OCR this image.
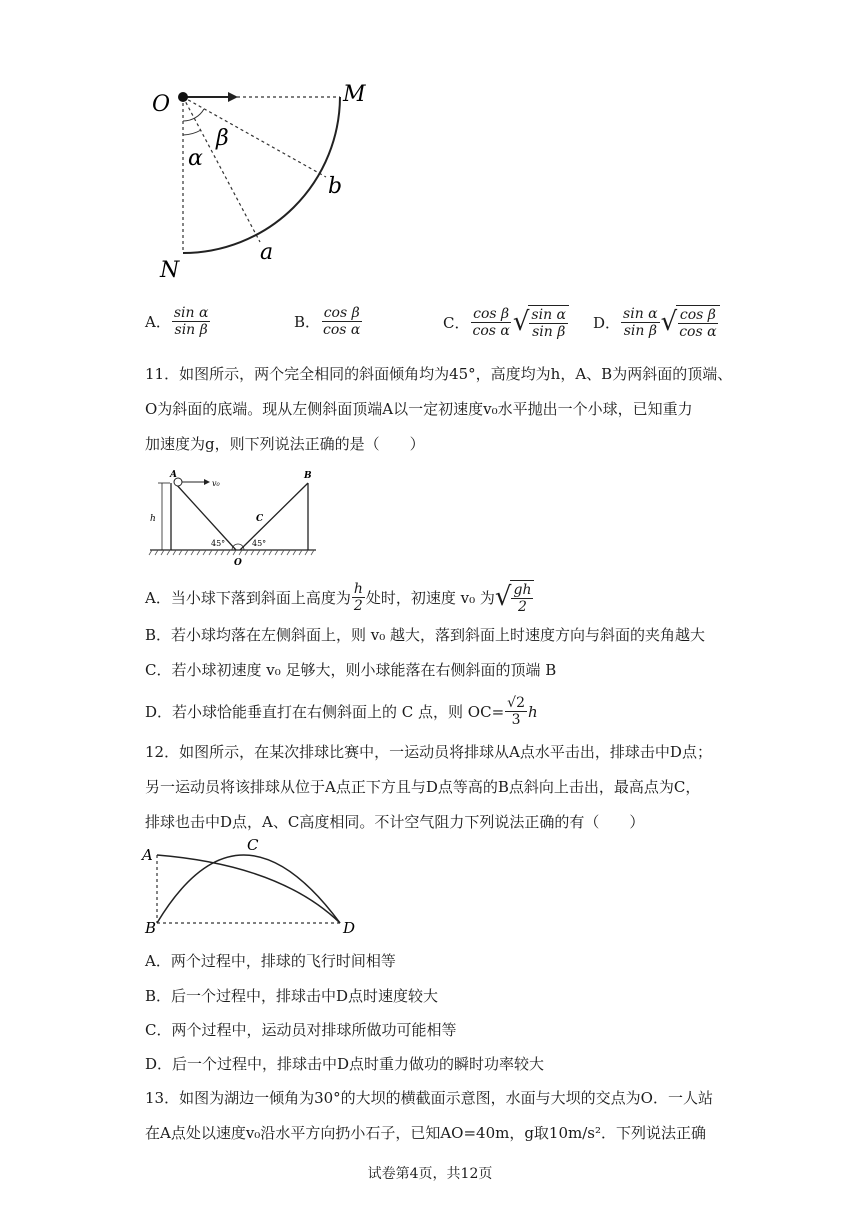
O	M
N
a
b
α
β
A． $\frac{\text{sin α}}{\text{sin β}}$	B． $\frac{\text{cos β}}{\text{cos α}}$	C． $\frac{\text{cos β}}{\text{cos α}}$ √ $\frac{\text{sin α}}{\text{sin β}}$ D． $\frac{\text{sin α}}{\text{sin β}}$ √ $\frac{\text{cos β}}{\text{cos α}}$
11．如图所示，两个完全相同的斜面倾角均为45°，高度均为h，A、B为两斜面的顶端、
O为斜面的底端。现从左侧斜面顶端A以一定初速度v₀水平抛出一个小球，已知重力
加速度为g，则下列说法正确的是（　　）
A	B
C
O
h
v₀
45°	45°
A．当小球下落到斜面上高度为 $\frac{h}{2}$ 处时，初速度 v₀ 为 √ $\frac{gh}{2}$
B．若小球均落在左侧斜面上，则 v₀ 越大，落到斜面上时速度方向与斜面的夹角越大
C．若小球初速度 v₀ 足够大，则小球能落在右侧斜面的顶端 B
D．若小球恰能垂直打在右侧斜面上的 C 点，则 $OC= \frac{√2}{3}$ h
12．如图所示，在某次排球比赛中，一运动员将排球从A点水平击出，排球击中D点；
另一运动员将该排球从位于A点正下方且与D点等高的B点斜向上击出，最高点为C，
排球也击中D点，A、C高度相同。不计空气阻力下列说法正确的有（　　）
A
B
C
D
A．两个过程中，排球的飞行时间相等
B．后一个过程中，排球击中D点时速度较大
C．两个过程中，运动员对排球所做功可能相等
D．后一个过程中，排球击中D点时重力做功的瞬时功率较大
13．如图为湖边一倾角为30°的大坝的横截面示意图，水面与大坝的交点为O．一人站
在A点处以速度v₀沿水平方向扔小石子，已知AO=40m，g取10m/s²．下列说法正确
试卷第4页，共12页
